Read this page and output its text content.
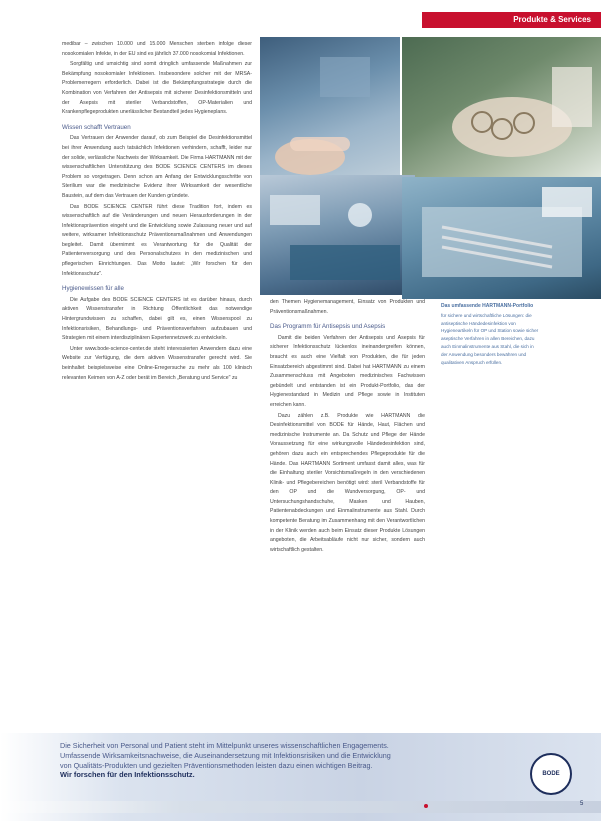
Produkte & Services

medibar – zwischen 10.000 und 15.000 Menschen sterben infolge dieser nosokomialen Infekte, in der EU sind es jährlich 37.000 nosokomial Infektionen.

Sorgfältig und umsichtig sind somit dringlich umfassende Maßnahmen zur Bekämpfung nosokomialer Infektionen. Insbesondere solcher mit der MRSA-Problemerregern erforderlich. Dabei ist die Bekämpfungsstrategie durch die Kombination von Verfahren der Antisepsis mit sicherer Desinfektionsmitteln und der Asepsis mit steriler Verbandstoffen, OP-Materialien und Krankenpflegeprodukten unerlässlicher Bestandteil jedes Hygieneplans.

Wissen schafft Vertrauen

Das Vertrauen der Anwender darauf, ob zum Beispiel die Desinfektionsmittel bei ihrer Anwendung auch tatsächlich Infektionen verhindern, schafft, leider nur der solide, verlässliche Nachweis der Wirksamkeit. Die Firma HARTMANN mit der wissenschaftlichen Unterstützung des BODE SCIENCE CENTERS im dieses Problem so vorgetragen. Denn schon am Anfang der Entwicklungsschritte von Sterilium war die medizinische Evidenz ihrer Wirksamkeit der wesentliche Baustein, auf dem das Vertrauen der Kunden gründete.

Das BODE SCIENCE CENTER führt diese Tradition fort, indem es wissenschaftlich auf die Veränderungen und neuen Herausforderungen in der Infektionsprävention eingeht und die Entwicklung sowie Zulassung neuer und auf weitere, wirksamer Infektionsschutz Präventionsmaßnahmen und Anwendungen begleitet. Damit übernimmt es Verantwortung für die Qualität der Patientenversorgung und des Personalschutzes in den medizinischen und pflegerischen Einrichtungen. Das Motto lautet: „Wir forschen für den Infektionsschutz".

Hygienewissen für alle

Die Aufgabe des BODE SCIENCE CENTERS ist es darüber hinaus, durch aktiven Wissenstransfer in Richtung Öffentlichkeit das notwendige Hintergrundwissen zu schaffen, dabei gilt es, einen Wissenspool zu Infektionsrisiken, Behandlungs- und Präventionsverfahren aufzubauen und Strategien mit einem interdisziplinären Expertennetzwerk zu entwickeln.

Unter www.bode-science-center.de steht interessierten Anwendern dazu eine Website zur Verfügung, die dem aktiven Wissenstransfer gerecht wird. Sie beinhaltet beispielsweise eine Online-Erregersuche zu mehr als 100 klinisch relevanten Keimen von A-Z oder berät im Bereich „Beratung und Service" zu

den Themen Hygienemanagement, Einsatz von Produkten und Präventionsmaßnahmen.

Das Programm für Antisepsis und Asepsis

Damit die beiden Verfahren der Antisepsis und Asepsis für sicherer Infektionsschutz lückenlos ineinandergreifen können, braucht es auch eine Vielfalt von Produkten, die für jeden Einsatzbereich abgestimmt sind. Dabei hat HARTMANN zu einem Zusammenschluss mit Angeboten medizinisches Fachwissen gebündelt und entstanden ist ein Produkt-Portfolio, das der Hygienestandard in Medizin und Pflege sowie in Instituten erreichen kann.

Dazu zählen z.B. Produkte wie HARTMANN die Desinfektionsmittel von BODE für Hände, Haut, Flächen und medizinische Instrumente an. Da Schutz und Pflege der Hände Voraussetzung für eine wirkungsvolle Händedesinfektion sind, gehören dazu auch ein entsprechendes Pflegeprodukte für die Hände. Das HARTMANN Sortiment umfasst damit alles, was für die Einhaltung steriler Vorsichtsmaßregeln in den verschiedenen Klinik- und Pflegebereichen benötigt wird: steril Verbandstoffe für den OP und die Wundversorgung, OP- und Untersuchungshandschuhe, Masken und Hauben, Patientenabdeckungen und Einmalinstrumente aus Stahl. Durch kompetente Beratung im Zusammenhang mit den Verantwortlichen in der Klinik werden auch beim Einsatz dieser Produkte Lösungen angeboten, die Arbeitsabläufe nicht nur sicher, sondern auch wirtschaftlich gestalten.

Das umfassende HARTMANN-Portfolio
für sichere und wirtschaftliche Lösungen: die antiseptische Händedesinfektion von Hygieneartikeln für OP und Station sowie sicher aseptische Verfahren in allen Bereichen, dazu auch Einmalinstrumente aus Stahl, die sich in der Anwendung besonders bewähren und qualitativen Anspruch erfüllen.
Die Sicherheit von Personal und Patient steht im Mittelpunkt unseres wissenschaftlichen Engagements.
Umfassende Wirksamkeitsnachweise, die Auseinandersetzung mit Infektionsrisiken und die Entwicklung
von Qualitäts-Produkten und gezielten Präventionsmethoden leisten dazu einen wichtigen Beitrag.
Wir forschen für den Infektionsschutz.	BODE
5
